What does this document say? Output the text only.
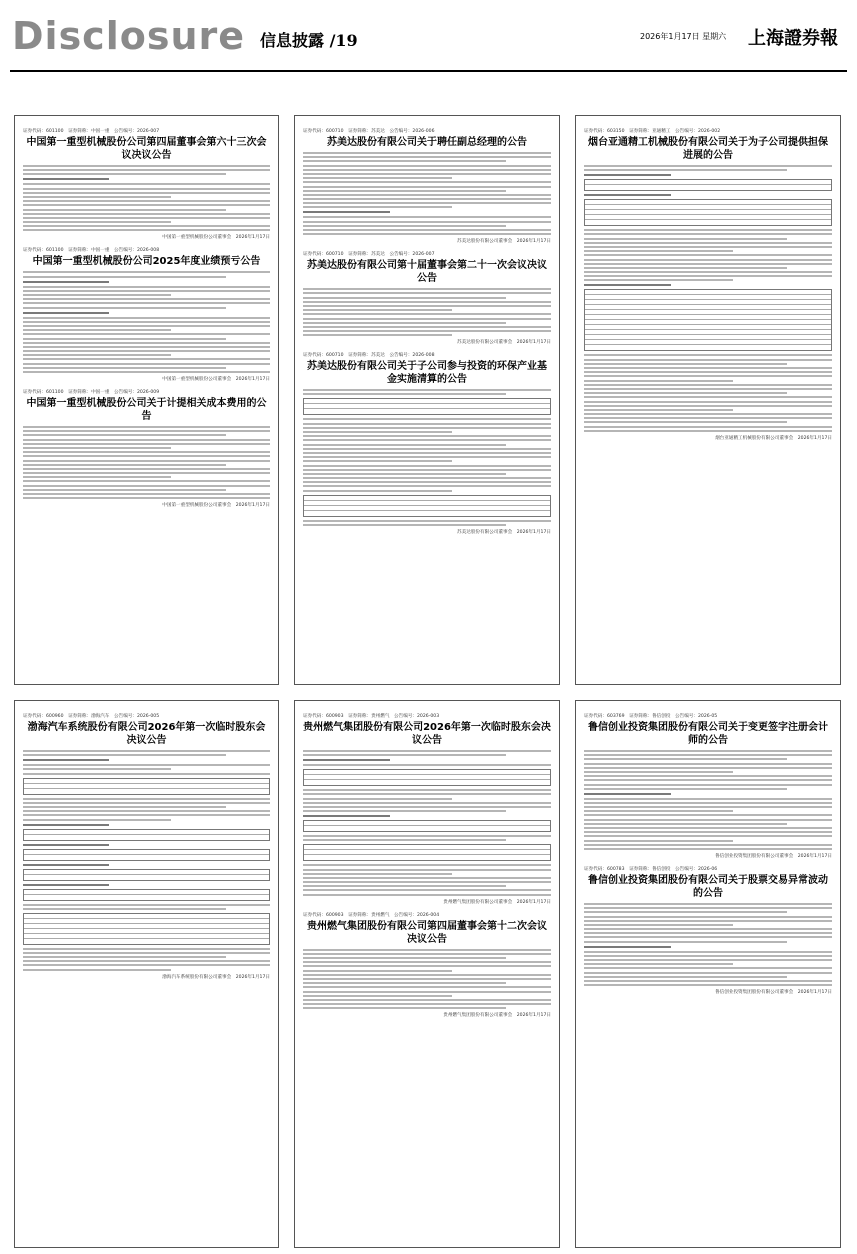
Disclosure 信息披露 /19	2026年1月17日 星期六 上海證券報
证券代码：601100　证券简称：中国一重　公告编号：2026-007
中国第一重型机械股份公司第四届董事会第六十三次会议决议公告
中国第一重型机械股份公司董事会　2026年1月17日
证券代码：601100　证券简称：中国一重　公告编号：2026-008
中国第一重型机械股份公司2025年度业绩预亏公告
中国第一重型机械股份公司董事会　2026年1月17日
证券代码：601100　证券简称：中国一重　公告编号：2026-009
中国第一重型机械股份公司关于计提相关成本费用的公告
中国第一重型机械股份公司董事会　2026年1月17日
证券代码：600710　证券简称：苏美达　公告编号：2026-006
苏美达股份有限公司关于聘任副总经理的公告
苏美达股份有限公司董事会　2026年1月17日
证券代码：600710　证券简称：苏美达　公告编号：2026-007
苏美达股份有限公司第十届董事会第二十一次会议决议公告
苏美达股份有限公司董事会　2026年1月17日
证券代码：600710　证券简称：苏美达　公告编号：2026-008
苏美达股份有限公司关于子公司参与投资的环保产业基金实施清算的公告
苏美达股份有限公司董事会　2026年1月17日
证券代码：603150　证券简称：亚通精工　公告编号：2026-002
烟台亚通精工机械股份有限公司关于为子公司提供担保进展的公告
烟台亚通精工机械股份有限公司董事会　2026年1月17日
证券代码：600960　证券简称：渤海汽车　公告编号：2026-005
渤海汽车系统股份有限公司2026年第一次临时股东会决议公告
渤海汽车系统股份有限公司董事会　2026年1月17日
证券代码：600903　证券简称：贵州燃气　公告编号：2026-003
贵州燃气集团股份有限公司2026年第一次临时股东会决议公告
贵州燃气集团股份有限公司董事会　2026年1月17日
证券代码：600903　证券简称：贵州燃气　公告编号：2026-004
贵州燃气集团股份有限公司第四届董事会第十二次会议决议公告
贵州燃气集团股份有限公司董事会　2026年1月17日
证券代码：603769　证券简称：鲁信创投　公告编号：2026-05
鲁信创业投资集团股份有限公司关于变更签字注册会计师的公告
鲁信创业投资集团股份有限公司董事会　2026年1月17日
证券代码：600783　证券简称：鲁信创投　公告编号：2026-06
鲁信创业投资集团股份有限公司关于股票交易异常波动的公告
鲁信创业投资集团股份有限公司董事会　2026年1月17日
